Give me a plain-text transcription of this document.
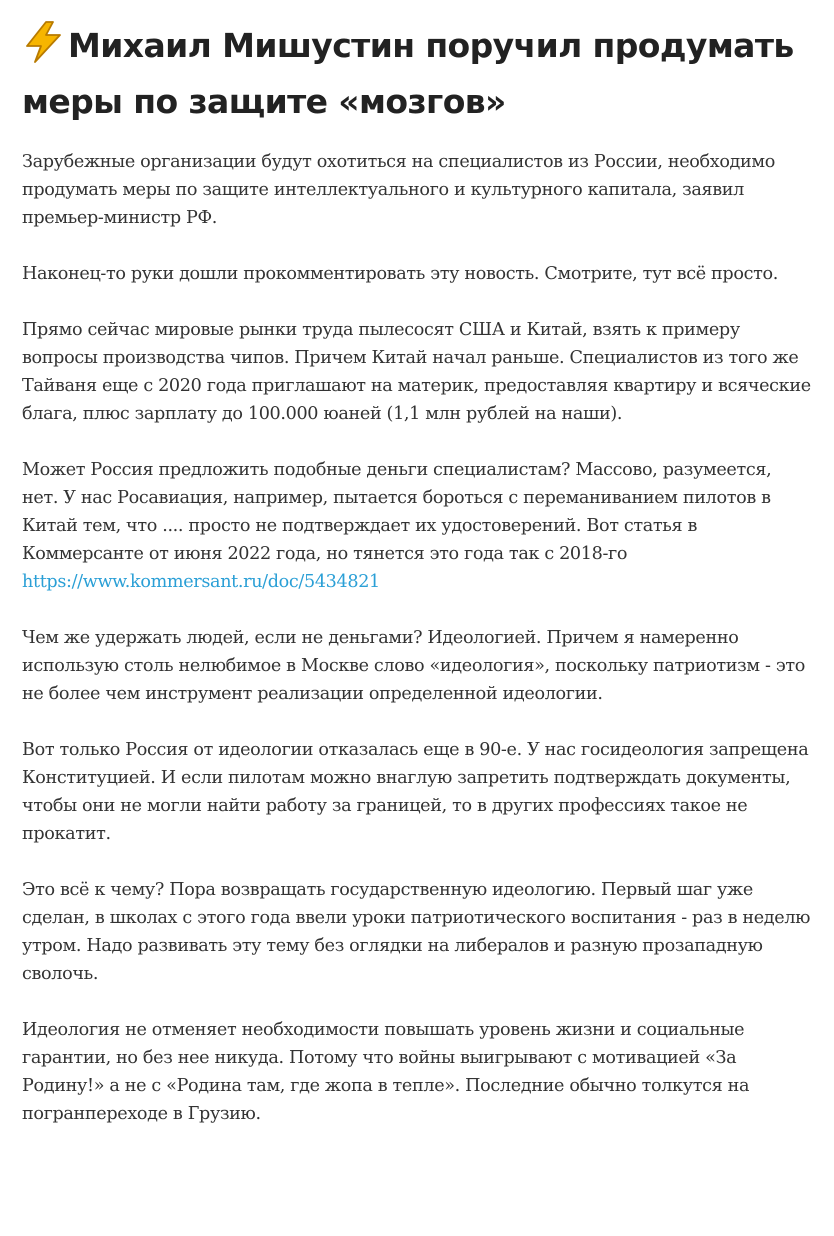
Михаил Мишустин поручил продумать меры по защите «мозгов»

Зарубежные организации будут охотиться на специалистов из России, необходимо продумать меры по защите интеллектуального и культурного капитала, заявил премьер-министр РФ.

Наконец-то руки дошли прокомментировать эту новость. Смотрите, тут всё просто.

Прямо сейчас мировые рынки труда пылесосят США и Китай, взять к примеру вопросы производства чипов. Причем Китай начал раньше. Специалистов из того же Тайваня еще с 2020 года приглашают на материк, предоставляя квартиру и всяческие блага, плюс зарплату до 100.000 юаней (1,1 млн рублей на наши).

Может Россия предложить подобные деньги специалистам? Массово, разумеется, нет. У нас Росавиация, например, пытается бороться с переманиванием пилотов в Китай тем, что .... просто не подтверждает их удостоверений. Вот статья в Коммерсанте от июня 2022 года, но тянется это года так с 2018-го https://www.kommersant.ru/doc/5434821

Чем же удержать людей, если не деньгами? Идеологией. Причем я намеренно использую столь нелюбимое в Москве слово «идеология», поскольку патриотизм - это не более чем инструмент реализации определенной идеологии.

Вот только Россия от идеологии отказалась еще в 90-е. У нас госидеология запрещена Конституцией. И если пилотам можно внаглую запретить подтверждать документы, чтобы они не могли найти работу за границей, то в других профессиях такое не прокатит.

Это всё к чему? Пора возвращать государственную идеологию. Первый шаг уже сделан, в школах с этого года ввели уроки патриотического воспитания - раз в неделю утром. Надо развивать эту тему без оглядки на либералов и разную прозападную сволочь.

Идеология не отменяет необходимости повышать уровень жизни и социальные гарантии, но без нее никуда. Потому что войны выигрывают с мотивацией «За Родину!» а не с «Родина там, где жопа в тепле». Последние обычно толкутся на погранпереходе в Грузию.
